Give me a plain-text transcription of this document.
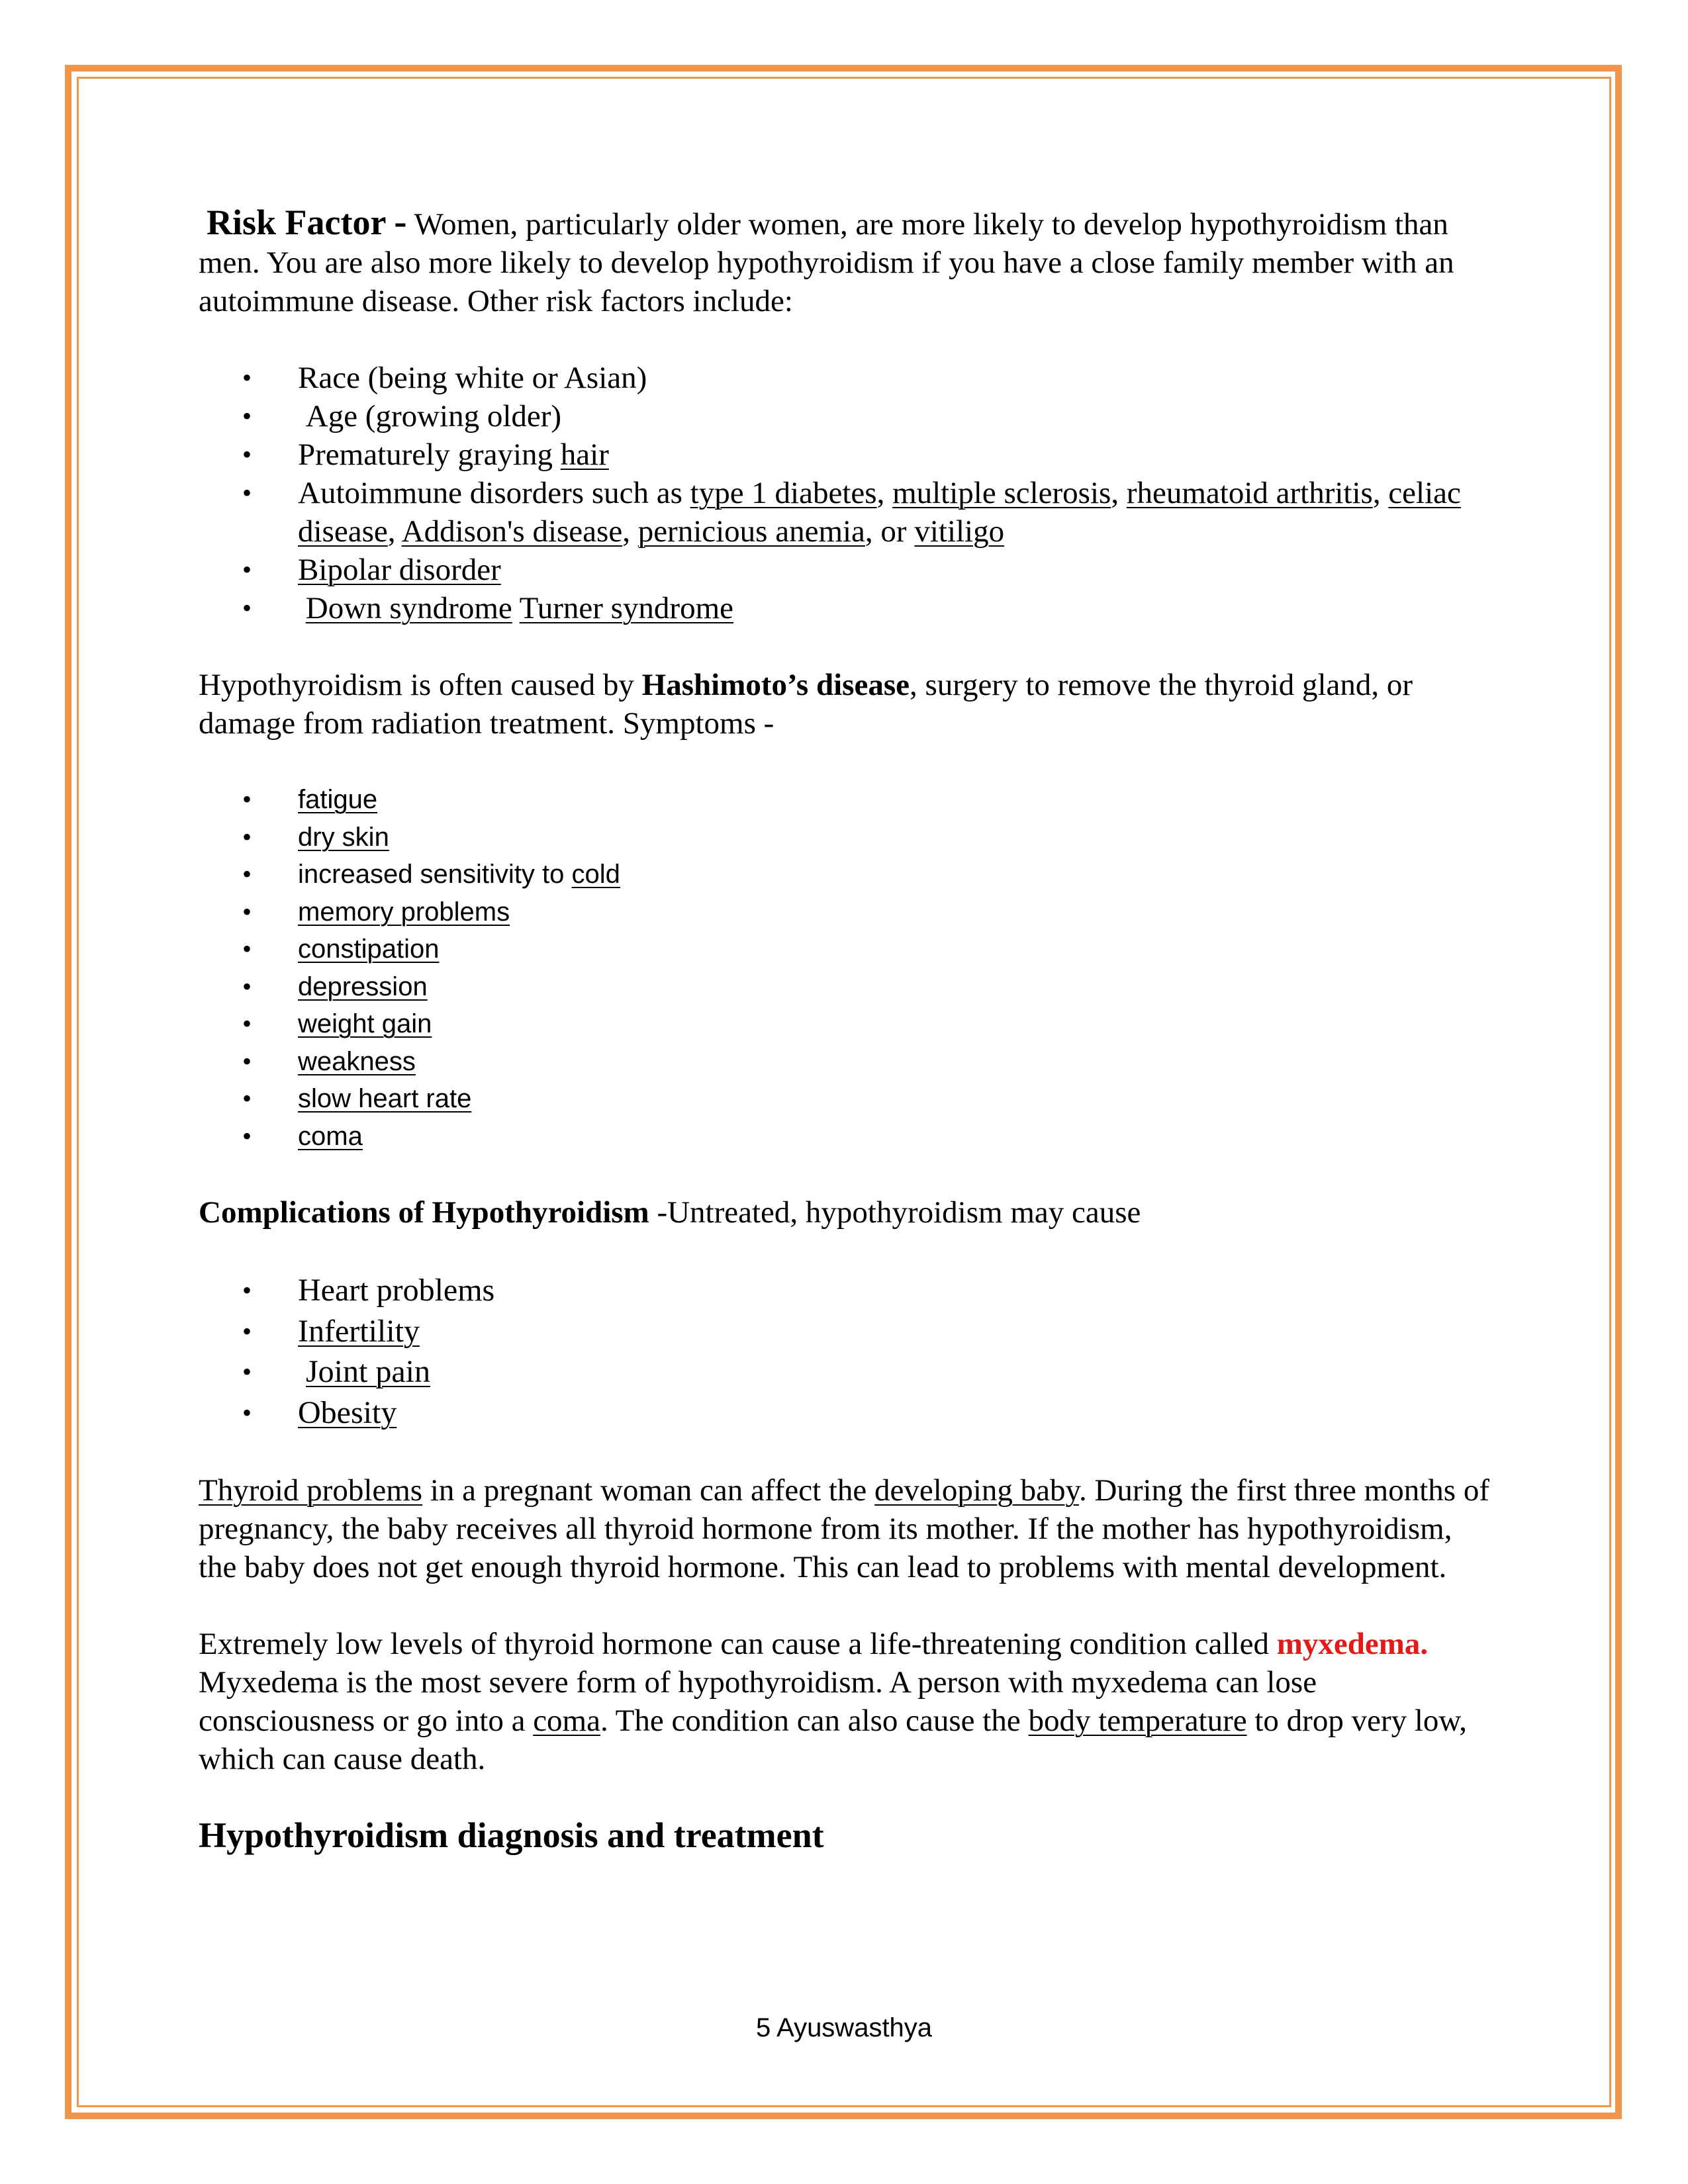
Risk Factor - Women, particularly older women, are more likely to develop hypothyroidism than men. You are also more likely to develop hypothyroidism if you have a close family member with an autoimmune disease. Other risk factors include:

• Race (being white or Asian)
• Age (growing older)
• Prematurely graying hair
• Autoimmune disorders such as type 1 diabetes, multiple sclerosis, rheumatoid arthritis, celiac disease, Addison's disease, pernicious anemia, or vitiligo
• Bipolar disorder
• Down syndrome Turner syndrome

Hypothyroidism is often caused by Hashimoto’s disease, surgery to remove the thyroid gland, or damage from radiation treatment. Symptoms -

• fatigue
• dry skin
• increased sensitivity to cold
• memory problems
• constipation
• depression
• weight gain
• weakness
• slow heart rate
• coma

Complications of Hypothyroidism -Untreated, hypothyroidism may cause

• Heart problems
• Infertility
• Joint pain
• Obesity

Thyroid problems in a pregnant woman can affect the developing baby. During the first three months of pregnancy, the baby receives all thyroid hormone from its mother. If the mother has hypothyroidism, the baby does not get enough thyroid hormone. This can lead to problems with mental development.

Extremely low levels of thyroid hormone can cause a life-threatening condition called myxedema. Myxedema is the most severe form of hypothyroidism. A person with myxedema can lose consciousness or go into a coma. The condition can also cause the body temperature to drop very low, which can cause death.

Hypothyroidism diagnosis and treatment
5 Ayuswasthya
